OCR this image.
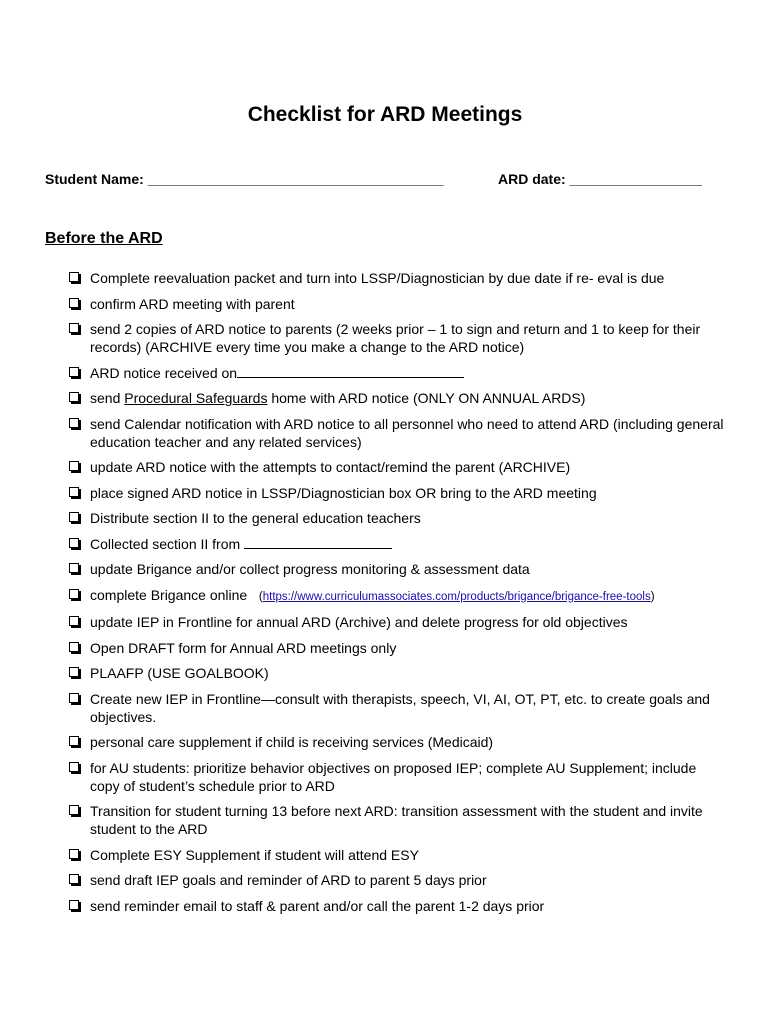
Checklist for ARD Meetings
Student Name: ______________________________________	ARD date: _________________
Before the ARD
Complete reevaluation packet and turn into LSSP/Diagnostician by due date if re- eval is due
confirm ARD meeting with parent
send 2 copies of ARD notice to parents (2 weeks prior – 1 to sign and return and 1 to keep for their records) (ARCHIVE every time you make a change to the ARD notice)
ARD notice received on
send Procedural Safeguards home with ARD notice (ONLY ON ANNUAL ARDS)
send Calendar notification with ARD notice to all personnel who need to attend ARD (including general education teacher and any related services)
update ARD notice with the attempts to contact/remind the parent (ARCHIVE)
place signed ARD notice in LSSP/Diagnostician box OR bring to the ARD meeting
Distribute section II to the general education teachers
Collected section II from
update Brigance and/or collect progress monitoring & assessment data
complete Brigance online (https://www.curriculumassociates.com/products/brigance/brigance-free-tools)
update IEP in Frontline for annual ARD (Archive) and delete progress for old objectives
Open DRAFT form for Annual ARD meetings only
PLAAFP (USE GOALBOOK)
Create new IEP in Frontline—consult with therapists, speech, VI, AI, OT, PT, etc. to create goals and objectives.
personal care supplement if child is receiving services (Medicaid)
for AU students: prioritize behavior objectives on proposed IEP; complete AU Supplement; include copy of student’s schedule prior to ARD
Transition for student turning 13 before next ARD: transition assessment with the student and invite student to the ARD
Complete ESY Supplement if student will attend ESY
send draft IEP goals and reminder of ARD to parent 5 days prior
send reminder email to staff & parent and/or call the parent 1-2 days prior
